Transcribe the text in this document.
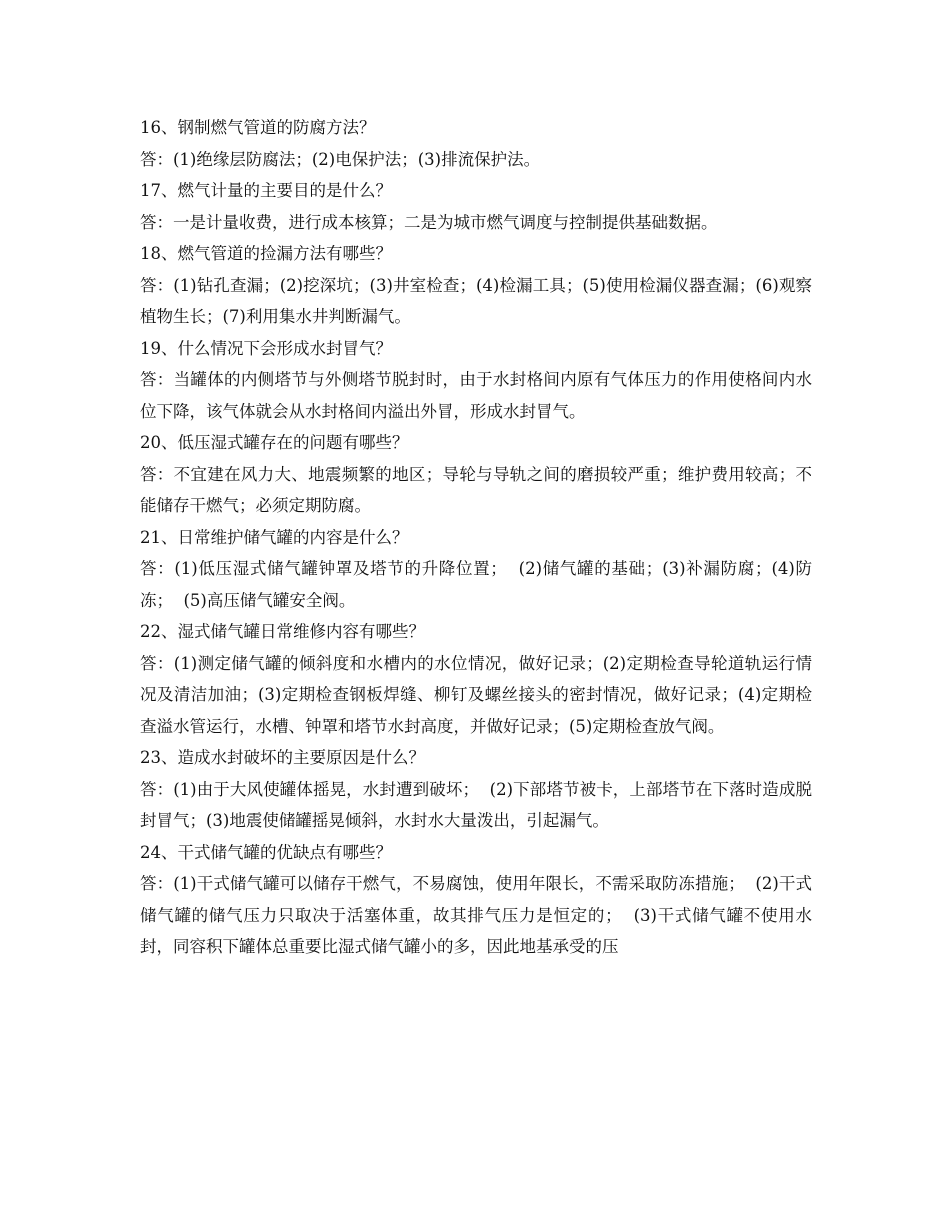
16、钢制燃气管道的防腐方法？

答：(1)绝缘层防腐法；(2)电保护法；(3)排流保护法。

17、燃气计量的主要目的是什么？

答：一是计量收费，进行成本核算；二是为城市燃气调度与控制提供基础数据。

18、燃气管道的捡漏方法有哪些？

答：(1)钻孔查漏；(2)挖深坑；(3)井室检查；(4)检漏工具；(5)使用检漏仪器查漏；(6)观察植物生长；(7)利用集水井判断漏气。

19、什么情况下会形成水封冒气？

答：当罐体的内侧塔节与外侧塔节脱封时，由于水封格间内原有气体压力的作用使格间内水位下降，该气体就会从水封格间内溢出外冒，形成水封冒气。

20、低压湿式罐存在的问题有哪些？

答：不宜建在风力大、地震频繁的地区；导轮与导轨之间的磨损较严重；维护费用较高；不能储存干燃气；必须定期防腐。

21、日常维护储气罐的内容是什么？

答：(1)低压湿式储气罐钟罩及塔节的升降位置；  (2)储气罐的基础；(3)补漏防腐；(4)防冻；  (5)高压储气罐安全阀。

22、湿式储气罐日常维修内容有哪些？

答：(1)测定储气罐的倾斜度和水槽内的水位情况，做好记录；(2)定期检查导轮道轨运行情况及清洁加油；(3)定期检查钢板焊缝、柳钉及螺丝接头的密封情况，做好记录；(4)定期检查溢水管运行，水槽、钟罩和塔节水封高度，并做好记录；(5)定期检查放气阀。

23、造成水封破坏的主要原因是什么？

答：(1)由于大风使罐体摇晃，水封遭到破坏；  (2)下部塔节被卡，上部塔节在下落时造成脱封冒气；(3)地震使储罐摇晃倾斜，水封水大量泼出，引起漏气。

24、干式储气罐的优缺点有哪些？

答：(1)干式储气罐可以储存干燃气，不易腐蚀，使用年限长，不需采取防冻措施；  (2)干式储气罐的储气压力只取决于活塞体重，故其排气压力是恒定的；  (3)干式储气罐不使用水封，同容积下罐体总重要比湿式储气罐小的多，因此地基承受的压
